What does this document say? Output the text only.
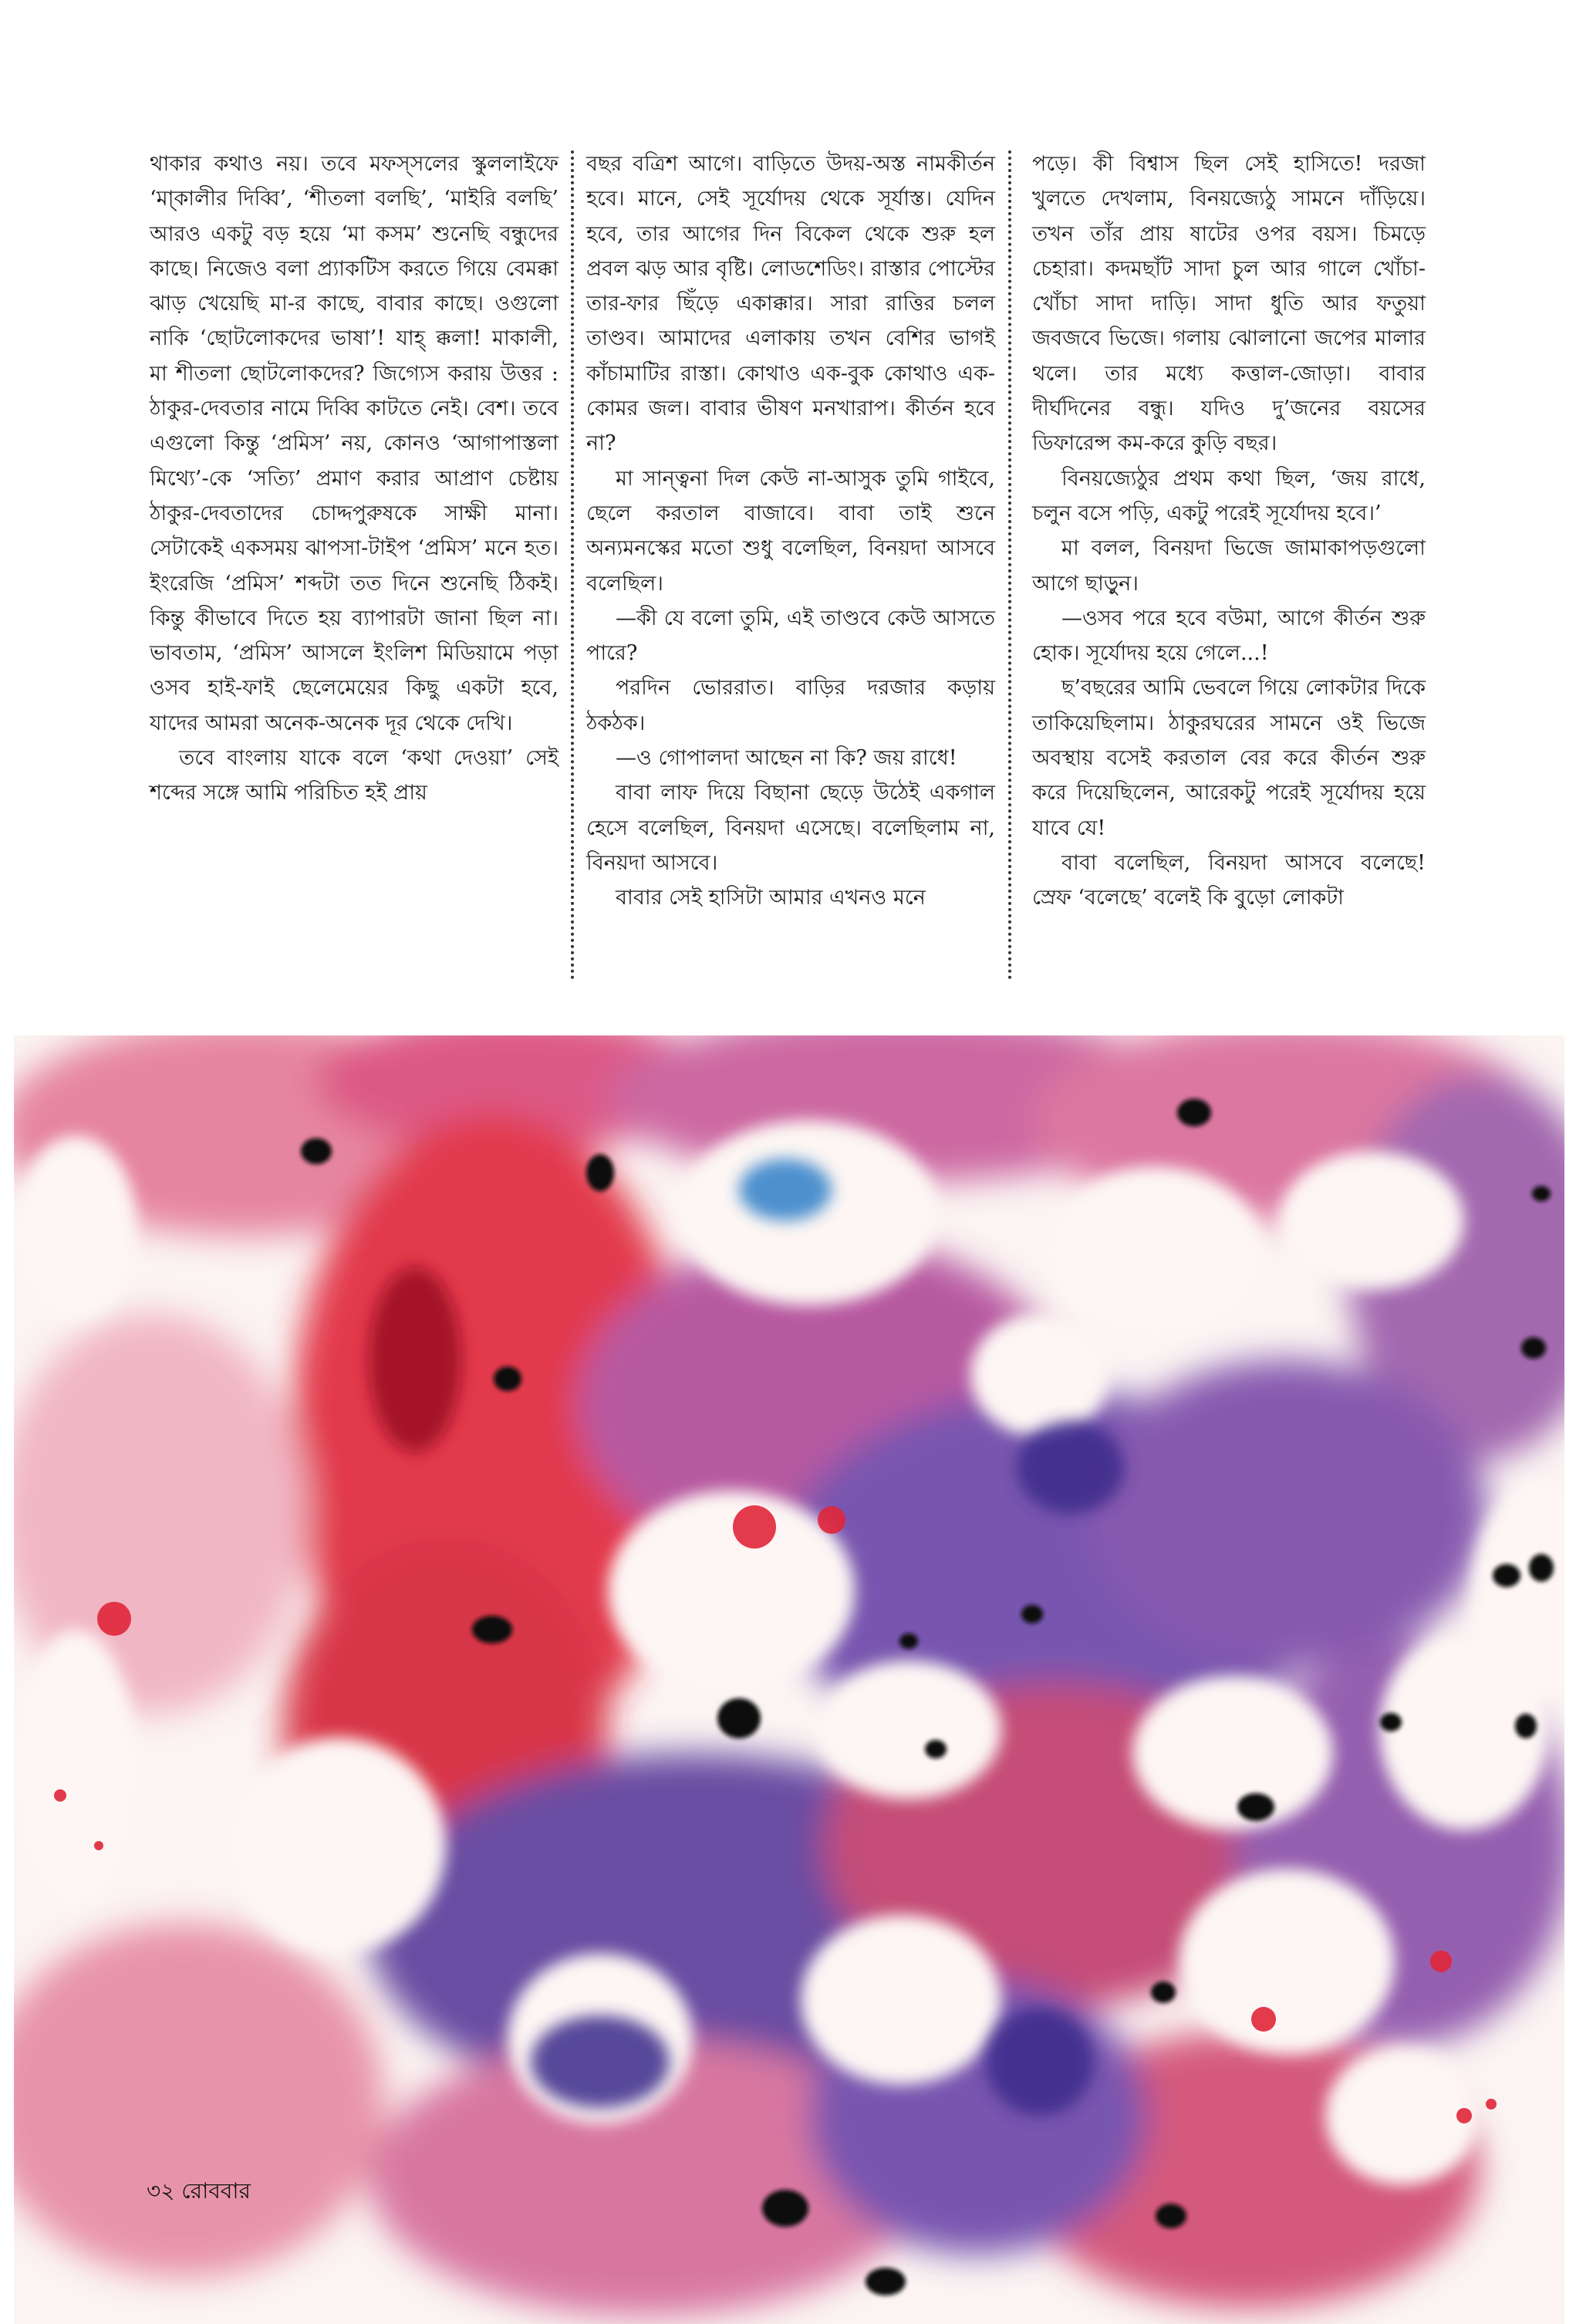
থাকার কথাও নয়। তবে মফস্‌সলের স্কুললাইফে ‘মা্কালীর দিব্বি’, ‘শীতলা বলছি’, ‘মাইরি বলছি’ আরও একটু বড় হয়ে ‘মা কসম’ শুনেছি বন্ধুদের কাছে। নিজেও বলা প্র্যাকটিস করতে গিয়ে বেমক্কা ঝাড় খেয়েছি মা-র কাছে, বাবার কাছে। ওগুলো নাকি ‘ছোটলোকদের ভাষা’! যাহ্‌ ক্কলা! মাকালী, মা শীতলা ছোটলোকদের? জিগ্যেস করায় উত্তর : ঠাকুর-দেবতার নামে দিব্বি কাটতে নেই। বেশ। তবে এগুলো কিন্তু ‘প্রমিস’ নয়, কোনও ‘আগাপাস্তলা মিথ্যে’-কে ‘সত্যি’ প্রমাণ করার আপ্রাণ চেষ্টায় ঠাকুর-দেবতাদের চোদ্দপুরুষকে সাক্ষী মানা। সেটাকেই একসময় ঝাপসা-টাইপ ‘প্রমিস’ মনে হত। ইংরেজি ‘প্রমিস’ শব্দটা তত দিনে শুনেছি ঠিকই। কিন্তু কীভাবে দিতে হয় ব্যাপারটা জানা ছিল না। ভাবতাম, ‘প্রমিস’ আসলে ইংলিশ মিডিয়ামে পড়া ওসব হাই-ফাই ছেলেমেয়ের কিছু একটা হবে, যাদের আমরা অনেক-অনেক দূর থেকে দেখি।

তবে বাংলায় যাকে বলে ‘কথা দেওয়া’ সেই শব্দের সঙ্গে আমি পরিচিত হই প্রায়

বছর বত্রিশ আগে। বাড়িতে উদয়-অস্ত নামকীর্তন হবে। মানে, সেই সূর্যোদয় থেকে সূর্যাস্ত। যেদিন হবে, তার আগের দিন বিকেল থেকে শুরু হল প্রবল ঝড় আর বৃষ্টি। লোডশেডিং। রাস্তার পোস্টের তার-ফার ছিঁড়ে একাক্কার। সারা রাত্তির চলল তাণ্ডব। আমাদের এলাকায় তখন বেশির ভাগই কাঁচামাটির রাস্তা। কোথাও এক-বুক কোথাও এক-কোমর জল। বাবার ভীষণ মনখারাপ। কীর্তন হবে না?

মা সান্ত্বনা দিল কেউ না-আসুক তুমি গাইবে, ছেলে করতাল বাজাবে। বাবা তাই শুনে অন্যমনস্কের মতো শুধু বলেছিল, বিনয়দা আসবে বলেছিল।

—কী যে বলো তুমি, এই তাণ্ডবে কেউ আসতে পারে?

পরদিন ভোররাত। বাড়ির দরজার কড়ায় ঠকঠক।

—ও গোপালদা আছেন না কি? জয় রাধে!

বাবা লাফ দিয়ে বিছানা ছেড়ে উঠেই একগাল হেসে বলেছিল, বিনয়দা এসেছে। বলেছিলাম না, বিনয়দা আসবে।

বাবার সেই হাসিটা আমার এখনও মনে

পড়ে। কী বিশ্বাস ছিল সেই হাসিতে! দরজা খুলতে দেখলাম, বিনয়জ্যেঠু সামনে দাঁড়িয়ে। তখন তাঁর প্রায় ষাটের ওপর বয়স। চিমড়ে চেহারা। কদমছাঁট সাদা চুল আর গালে খোঁচা-খোঁচা সাদা দাড়ি। সাদা ধুতি আর ফতুয়া জবজবে ভিজে। গলায় ঝোলানো জপের মালার থলে। তার মধ্যে কত্তাল-জোড়া। বাবার দীর্ঘদিনের বন্ধু। যদিও দু’জনের বয়সের ডিফারেন্স কম-করে কুড়ি বছর।

বিনয়জ্যেঠুর প্রথম কথা ছিল, ‘জয় রাধে, চলুন বসে পড়ি, একটু পরেই সূর্যোদয় হবে।’

মা বলল, বিনয়দা ভিজে জামাকাপড়গুলো আগে ছাড়ুন।

—ওসব পরে হবে বউমা, আগে কীর্তন শুরু হোক। সূর্যোদয় হয়ে গেলে...!

ছ’বছরের আমি ভেবলে গিয়ে লোকটার দিকে তাকিয়েছিলাম। ঠাকুরঘরের সামনে ওই ভিজে অবস্থায় বসেই করতাল বের করে কীর্তন শুরু করে দিয়েছিলেন, আরেকটু পরেই সূর্যোদয় হয়ে যাবে যে!

বাবা বলেছিল, বিনয়দা আসবে বলেছে! স্রেফ ‘বলেছে’ বলেই কি বুড়ো লোকটা

৩২ রোববার
